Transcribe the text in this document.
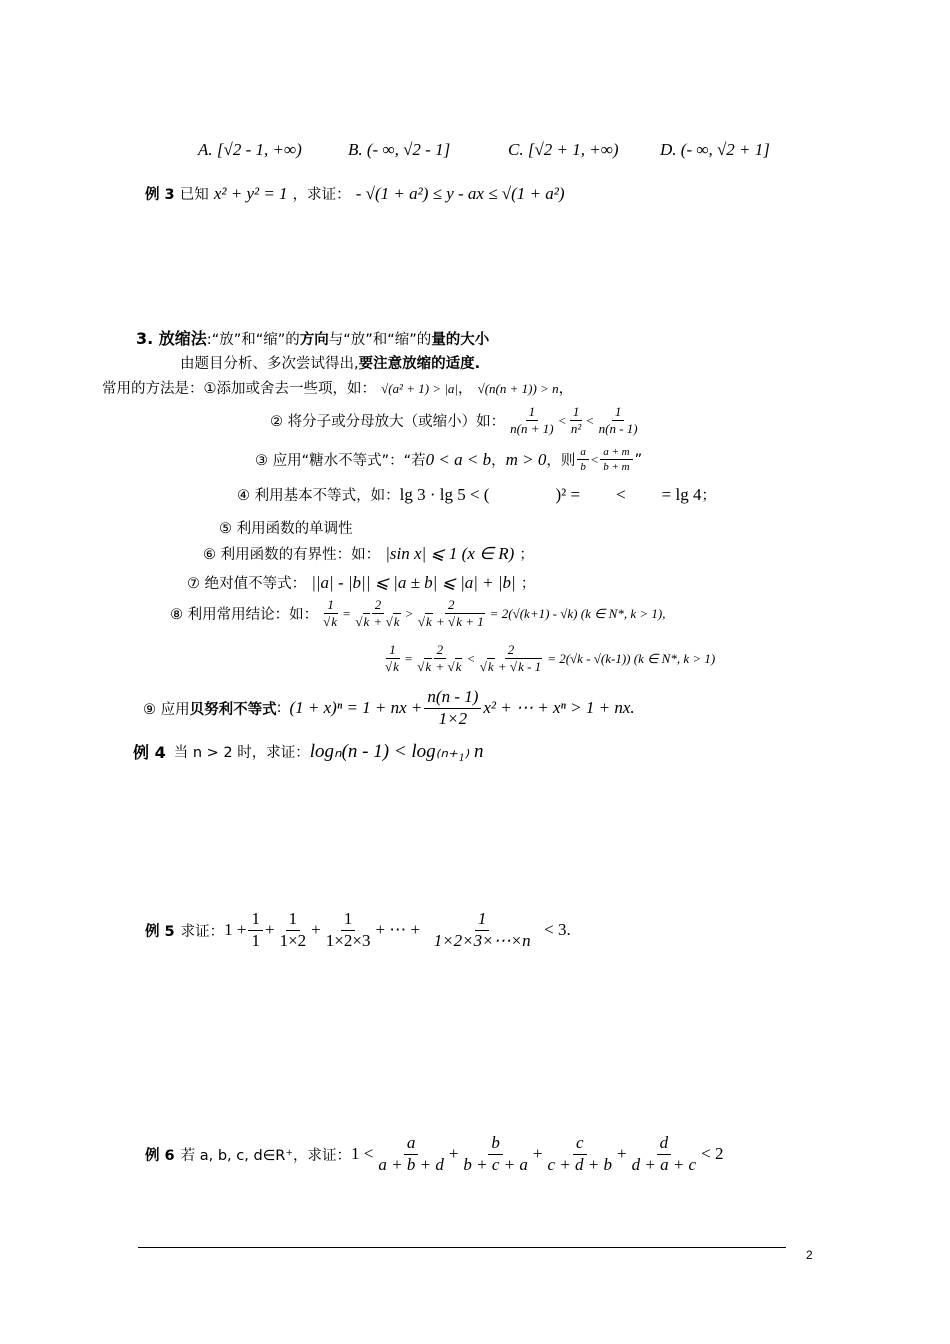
A. [√2 - 1, +∞)	B. (- ∞, √2 - 1]	C. [√2 + 1, +∞) D. (- ∞, √2 + 1]
例 3 已知 x² + y² = 1 ，求证： - √(1 + a²) ≤ y - ax ≤ √(1 + a²)
3. 放缩法:“放”和“缩”的方向与“放”和“缩”的量的大小
由题目分析、多次尝试得出,要注意放缩的适度.
常用的方法是：①添加或舍去一些项，如： √(a² + 1) > |a|， √(n(n + 1)) > n，
② 将分子或分母放大（或缩小）如： $\frac{1}{n(n + 1)} < \frac{1}{\text{n²}} < \frac{1}{n(n - 1)}$
③ 应用“糖水不等式”：“若 0 < a < b ， m > 0 ，则 $\frac{a}{b} < \frac{a + m}{b + m}$ ”
④ 利用基本不等式，如： lg 3 · lg 5 < (	)² = < = lg 4 ；
⑤ 利用函数的单调性
⑥ 利用函数的有界性：如： |sin x| ⩽ 1 (x ∈ R) ；
⑦ 绝对值不等式： ||a| - |b|| ⩽ |a ± b| ⩽ |a| + |b| ；
⑧ 利用常用结论：如： $\frac{1}{√k} = \frac{2}{√k + √k} > \frac{2}{√k + √k + 1} = 2(√(k+1) - √k)$ (k ∈ N*, k > 1),
$\frac{1}{√k} = \frac{2}{√k + √k} < \frac{2}{√k + √k - 1} = 2(√k - √(k-1))$ (k ∈ N*, k > 1)
⑨ 应用 贝努利不等式 : (1 + x)ⁿ = 1 + nx + $\frac{n(n - 1)}{1\times 2} x^2$ + ⋯ + xⁿ > 1 + nx.
例 4 当 n > 2 时，求证： logₙ(n - 1) < log₍ₙ₊₁₎ n
例 5 求证： $1 + \frac{1}{1} + \frac{1}{1\times 2} + \frac{1}{1\times 2\times 3}$ + ⋯ + $\frac{1}{1\times 2\times 3\times\cdots\times n} < 3$.
例 6 若 a, b, c, d∈R⁺，求证： $1 < \frac{a}{a + b + d} + \frac{b}{b + c + a} + \frac{c}{c + d + b} + \frac{d}{d + a + c} < 2$
2
